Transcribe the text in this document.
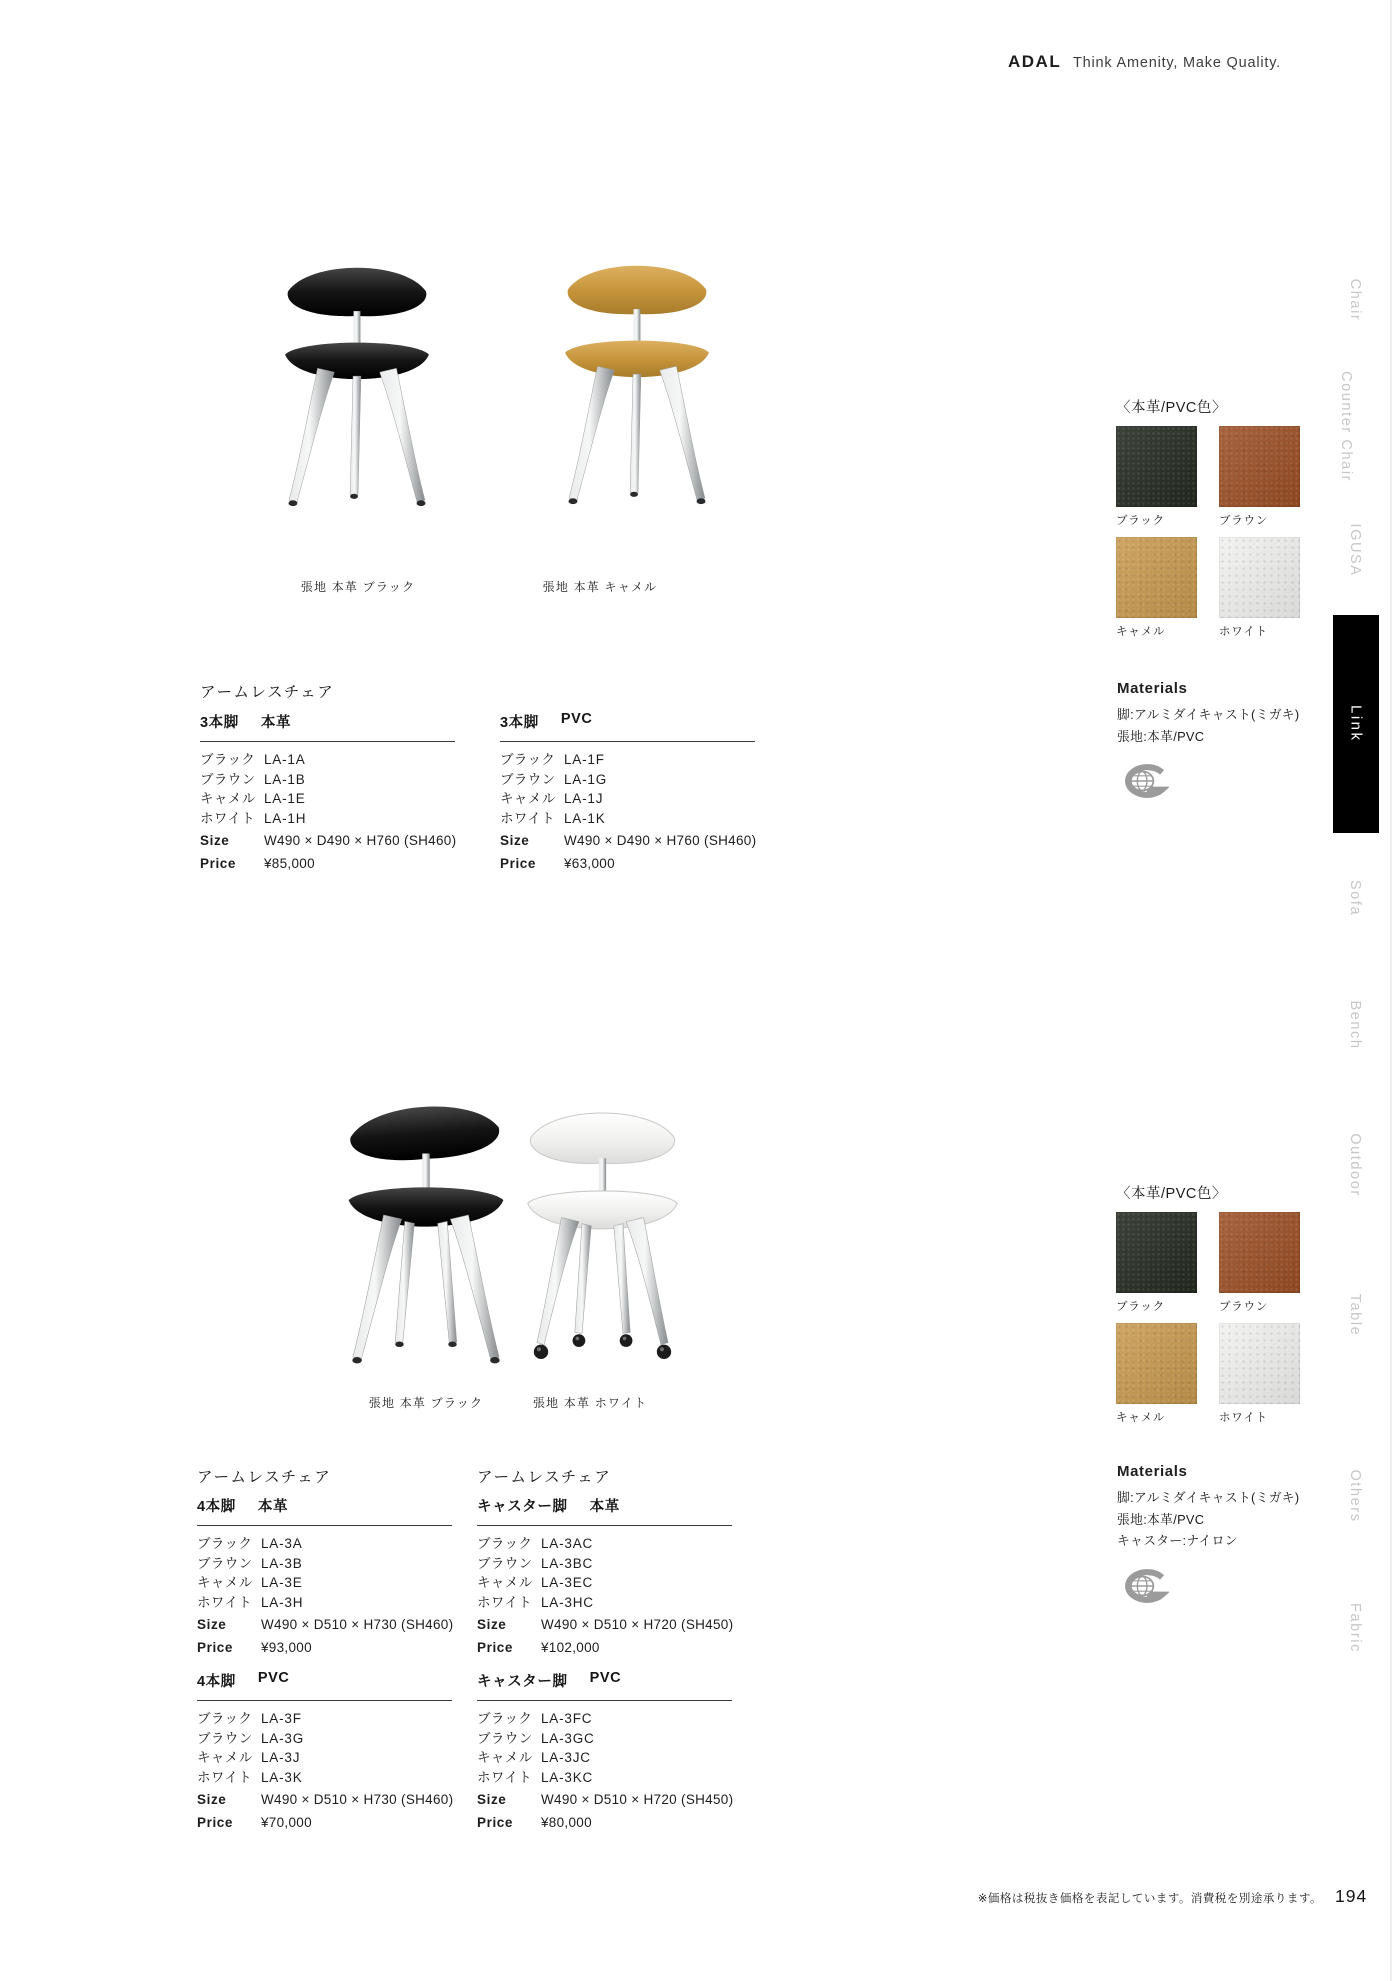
ADAL Think Amenity, Make Quality.
Chair
Counter Chair
IGUSA
Link
Sofa
Bench
Outdoor
Table
Others
Fabric
張地 本革 ブラック	張地 本革 キャメル
〈本革/PVC色〉
ブラック	ブラウン
キャメル	ホワイト
Materials
脚:アルミダイキャスト(ミガキ)
張地:本革/PVC
アームレスチェア
3本脚 本革
ブラック LA-1A
ブラウン LA-1B
キャメル LA-1E
ホワイト LA-1H
Size	W490 × D490 × H760 (SH460)
Price	¥85,000
3本脚 PVC
ブラック LA-1F
ブラウン LA-1G
キャメル LA-1J
ホワイト LA-1K
Size	W490 × D490 × H760 (SH460)
Price	¥63,000
張地 本革 ブラック	張地 本革 ホワイト
〈本革/PVC色〉
ブラック	ブラウン
キャメル	ホワイト
Materials
脚:アルミダイキャスト(ミガキ)
張地:本革/PVC
キャスター:ナイロン
アームレスチェア	アームレスチェア
4本脚 本革
ブラック LA-3A
ブラウン LA-3B
キャメル LA-3E
ホワイト LA-3H
Size	W490 × D510 × H730 (SH460)
Price	¥93,000
キャスター脚 本革
ブラック LA-3AC
ブラウン LA-3BC
キャメル LA-3EC
ホワイト LA-3HC
Size	W490 × D510 × H720 (SH450)
Price	¥102,000
4本脚 PVC
ブラック LA-3F
ブラウン LA-3G
キャメル LA-3J
ホワイト LA-3K
Size	W490 × D510 × H730 (SH460)
Price	¥70,000
キャスター脚 PVC
ブラック LA-3FC
ブラウン LA-3GC
キャメル LA-3JC
ホワイト LA-3KC
Size	W490 × D510 × H720 (SH450)
Price	¥80,000
※価格は税抜き価格を表記しています。消費税を別途承ります。 194
